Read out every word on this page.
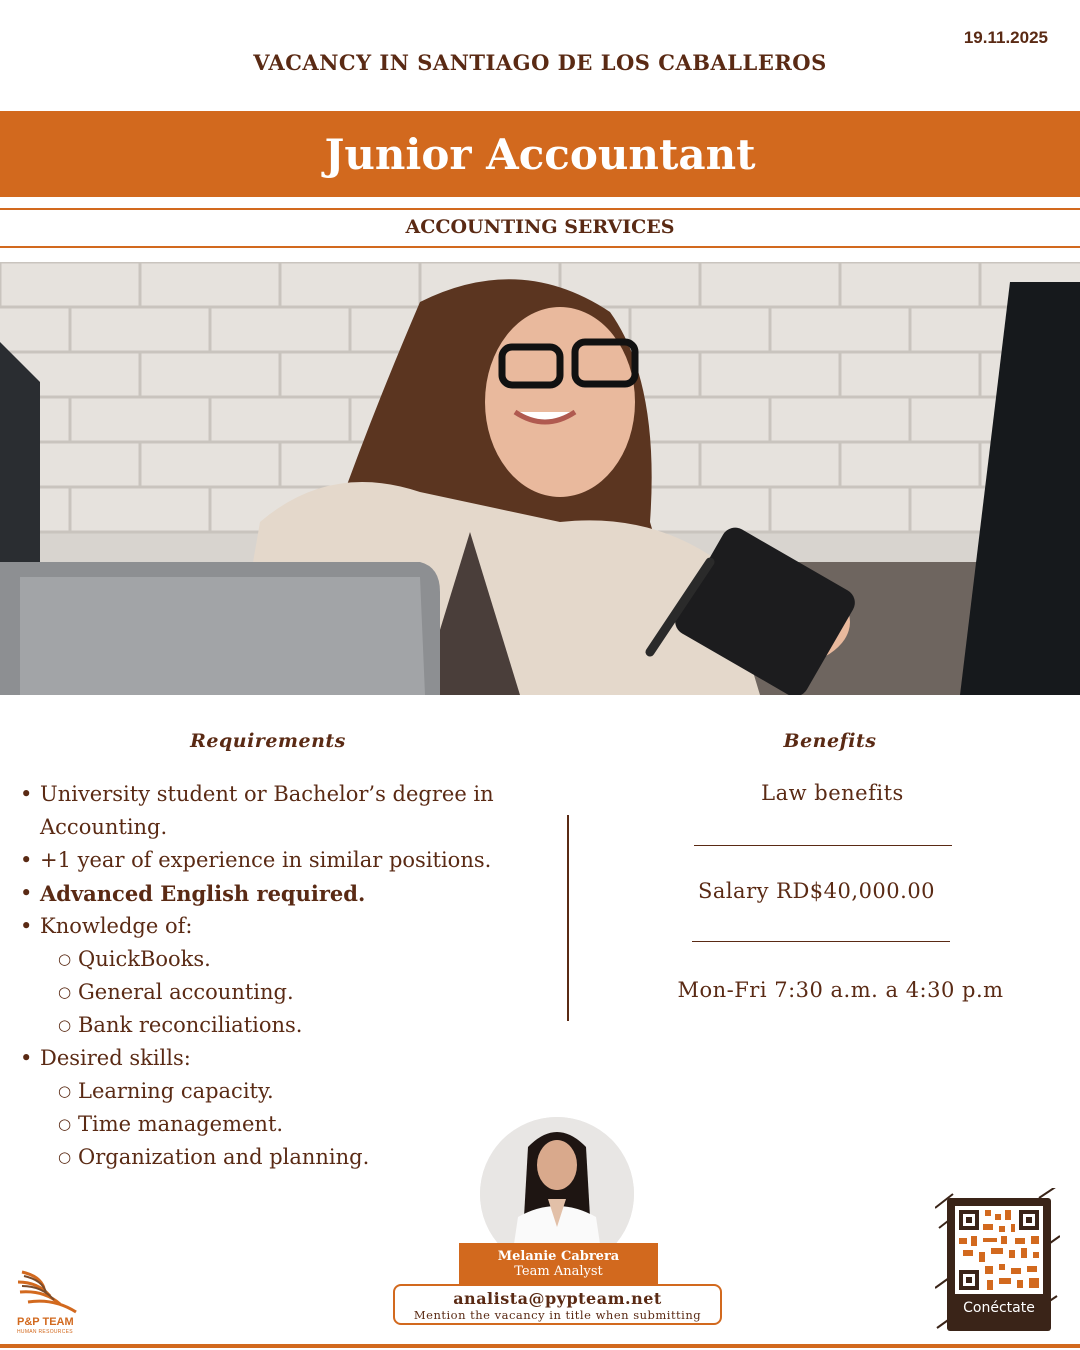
19.11.2025
VACANCY IN SANTIAGO DE LOS CABALLEROS
Junior Accountant
ACCOUNTING SERVICES
Requirements
• University student or Bachelor’s degree in
Accounting.
• +1 year of experience in similar positions.
• Advanced English required.
• Knowledge of:
○ QuickBooks.
○ General accounting.
○ Bank reconciliations.
• Desired skills:
○ Learning capacity.
○ Time management.
○ Organization and planning.
Benefits
Law benefits
Salary RD$40,000.00
Mon-Fri 7:30 a.m. a 4:30 p.m
Melanie Cabrera
Team Analyst
analista@pypteam.net
Mention the vacancy in title when submitting
P&P TEAM
HUMAN RESOURCES
Conéctate
